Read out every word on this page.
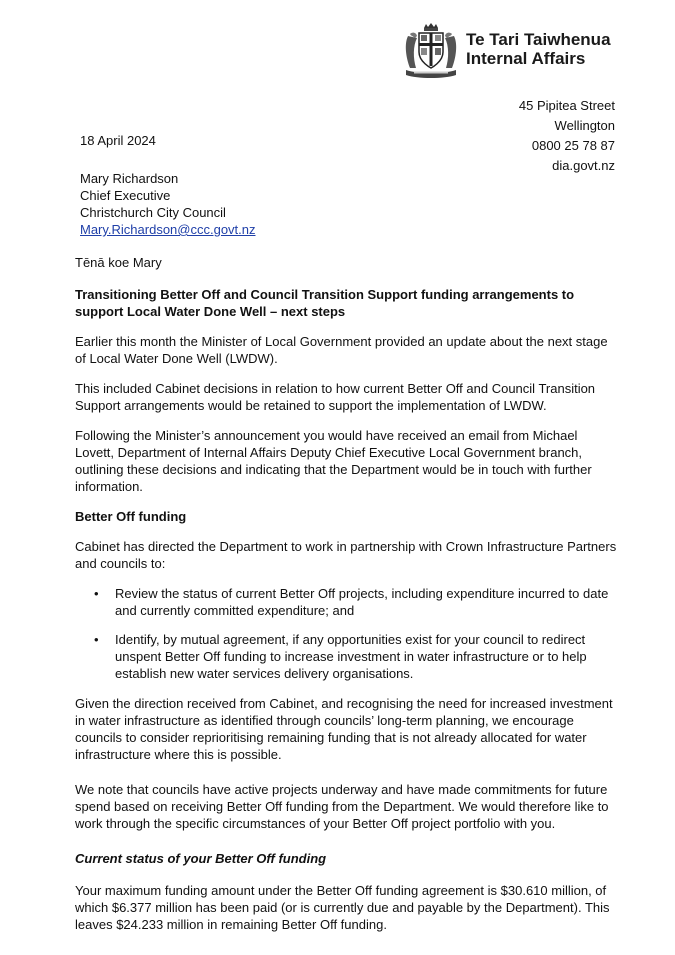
Te Tari Taiwhenua
Internal Affairs
45 Pipitea Street
Wellington
0800 25 78 87
dia.govt.nz
18 April 2024
Mary Richardson
Chief Executive
Christchurch City Council
Mary.Richardson@ccc.govt.nz

Tēnā koe Mary

Transitioning Better Off and Council Transition Support funding arrangements to support Local Water Done Well – next steps

Earlier this month the Minister of Local Government provided an update about the next stage of Local Water Done Well (LWDW).

This included Cabinet decisions in relation to how current Better Off and Council Transition Support arrangements would be retained to support the implementation of LWDW.

Following the Minister’s announcement you would have received an email from Michael Lovett, Department of Internal Affairs Deputy Chief Executive Local Government branch, outlining these decisions and indicating that the Department would be in touch with further information.

Better Off funding

Cabinet has directed the Department to work in partnership with Crown Infrastructure Partners and councils to:

• Review the status of current Better Off projects, including expenditure incurred to date and currently committed expenditure; and
• Identify, by mutual agreement, if any opportunities exist for your council to redirect unspent Better Off funding to increase investment in water infrastructure or to help establish new water services delivery organisations.

Given the direction received from Cabinet, and recognising the need for increased investment in water infrastructure as identified through councils’ long-term planning, we encourage councils to consider reprioritising remaining funding that is not already allocated for water infrastructure where this is possible.

We note that councils have active projects underway and have made commitments for future spend based on receiving Better Off funding from the Department. We would therefore like to work through the specific circumstances of your Better Off project portfolio with you.

Current status of your Better Off funding

Your maximum funding amount under the Better Off funding agreement is $30.610 million, of which $6.377 million has been paid (or is currently due and payable by the Department). This leaves $24.233 million in remaining Better Off funding.
